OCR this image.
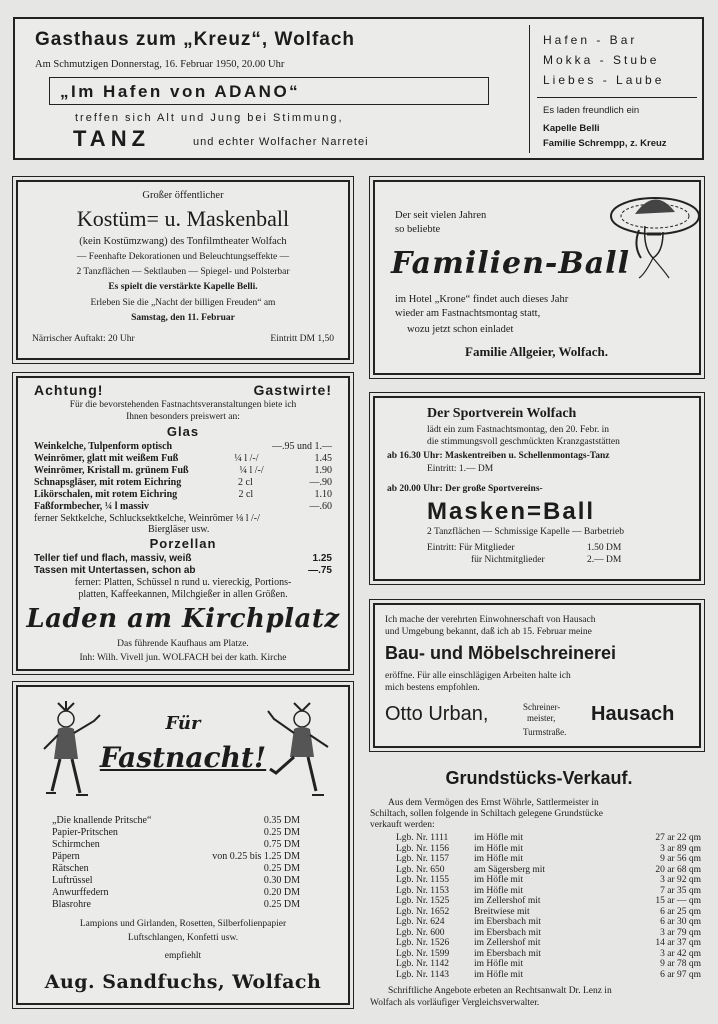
Gasthaus zum „Kreuz“, Wolfach
Am Schmutzigen Donnerstag, 16. Februar 1950, 20.00 Uhr
„Im Hafen von ADANO“
treffen sich Alt und Jung bei Stimmung,
TANZ	und echter Wolfacher Narretei
Hafen - Bar
Mokka - Stube
Liebes - Laube
Es laden freundlich ein
Kapelle Belli
Familie Schrempp, z. Kreuz
Großer öffentlicher
Kostüm= u. Maskenball
(kein Kostümzwang) des Tonfilmtheater Wolfach
— Feenhafte Dekorationen und Beleuchtungseffekte —
2 Tanzflächen — Sektlauben — Spiegel- und Polsterbar
Es spielt die verstärkte Kapelle Belli.
Erleben Sie die „Nacht der billigen Freuden“ am
Samstag, den 11. Februar
Närrischer Auftakt: 20 Uhr	Eintritt DM 1,50
Der seit vielen Jahren
so beliebte
Familien-Ball
im Hotel „Krone“ findet auch dieses Jahr
wieder am Fastnachtsmontag statt,
wozu jetzt schon einladet
Familie Allgeier, Wolfach.
Achtung!	Gastwirte!
Für die bevorstehenden Fastnachtsveranstaltungen biete ich
Ihnen besonders preiswert an:
Glas
Weinkelche, Tulpenform optisch	—.95 und 1.—
Weinrömer, glatt mit weißem Fuß	¼ l /-/	1.45
Weinrömer, Kristall m. grünem Fuß	¼ l /-/	1.90
Schnapsgläser, mit rotem Eichring	2 cl	—.90
Likörschalen, mit rotem Eichring	2 cl	1.10
Faßformbecher, ¼ l massiv	—.60
ferner Sektkelche, Schlucksektkelche, Weinrömer ⅛ l /-/
Biergläser usw.
Porzellan
Teller tief und flach, massiv, weiß	1.25
Tassen mit Untertassen, schon ab	—.75
ferner: Platten, Schüssel n rund u. viereckig, Portions-
platten, Kaffeekannen, Milchgießer in allen Größen.
Laden am Kirchplatz
Das führende Kaufhaus am Platze.
Inh: Wilh. Vivell jun. WOLFACH bei der kath. Kirche
Der Sportverein Wolfach
lädt ein zum Fastnachtsmontag, den 20. Febr. in
die stimmungsvoll geschmückten Kranzgaststätten
ab 16.30 Uhr: Maskentreiben u. Schellenmontags-Tanz
Eintritt: 1.— DM
ab 20.00 Uhr: Der große Sportvereins-
Masken=Ball
2 Tanzflächen — Schmissige Kapelle — Barbetrieb
Eintritt: Für Mitglieder	1.50 DM
für Nichtmitglieder	2.— DM
Ich mache der verehrten Einwohnerschaft von Hausach
und Umgebung bekannt, daß ich ab 15. Februar meine
Bau- und Möbelschreinerei
eröffne. Für alle einschlägigen Arbeiten halte ich
mich bestens empfohlen.
Otto Urban,	Schreiner-
meister, Hausach
Turmstraße.
Für
Fastnacht!
„Die knallende Pritsche“	0.35 DM
Papier-Pritschen	0.25 DM
Schirmchen	0.75 DM
Päpern	von 0.25 bis 1.25 DM
Rätschen	0.25 DM
Luftrüssel	0.30 DM
Anwurffedern	0.20 DM
Blasrohre	0.25 DM
Lampions und Girlanden, Rosetten, Silberfolienpapier
Luftschlangen, Konfetti usw.
empfiehlt
Aug. Sandfuchs, Wolfach
Grundstücks-Verkauf.
Aus dem Vermögen des Ernst Wöhrle, Sattlermeister in
Schiltach, sollen folgende in Schiltach gelegene Grundstücke
verkauft werden:
Lgb. Nr. 1111	im Höfle mit	27 ar 22 qm
Lgb. Nr. 1156	im Höfle mit	3 ar 89 qm
Lgb. Nr. 1157	im Höfle mit	9 ar 56 qm
Lgb. Nr. 650	am Sägersberg mit	20 ar 68 qm
Lgb. Nr. 1155	im Höfle mit	3 ar 92 qm
Lgb. Nr. 1153	im Höfle mit	7 ar 35 qm
Lgb. Nr. 1525	im Zellershof mit	15 ar — qm
Lgb. Nr. 1652	Breitwiese mit	6 ar 25 qm
Lgb. Nr. 624	im Ebersbach mit	6 ar 30 qm
Lgb. Nr. 600	im Ebersbach mit	3 ar 79 qm
Lgb. Nr. 1526	im Zellershof mit	14 ar 37 qm
Lgb. Nr. 1599	im Ebersbach mit	3 ar 42 qm
Lgb. Nr. 1142	im Höfle mit	9 ar 78 qm
Lgb. Nr. 1143	im Höfle mit	6 ar 97 qm
Schriftliche Angebote erbeten an Rechtsanwalt Dr. Lenz in
Wolfach als vorläufiger Vergleichsverwalter.
